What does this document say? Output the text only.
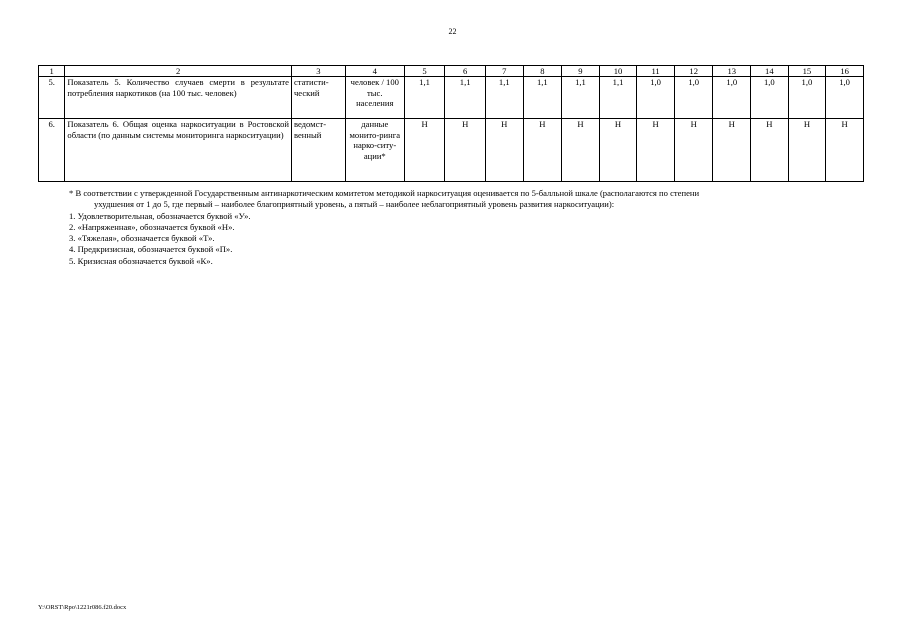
22
1	2	3	4	5	6	7	8	9	10	11	12	13	14	15	16
5.	Показатель 5. Количество случаев смерти в результате потребления наркотиков (на 100 тыс. человек)	статисти-ческий	человек / 100 тыс. населения	1,1	1,1	1,1	1,1	1,1	1,1	1,0	1,0	1,0	1,0	1,0	1,0
6.	Показатель 6. Общая оценка наркоситуации в Ростовской области (по данным системы мониторинга наркоситуации)	ведомст-венный	данные монито-ринга нарко-ситу-ации*	Н	Н	Н	Н	Н	Н	Н	Н	Н	Н	Н	Н
* В соответствии с утвержденной Государственным антинаркотическим комитетом методикой наркоситуация оценивается по 5-балльной шкале (располагаются по степени
ухудшения от 1 до 5, где первый – наиболее благоприятный уровень, а пятый – наиболее неблагоприятный уровень развития наркоситуации):
1. Удовлетворительная, обозначается буквой «У».
2. «Напряженная», обозначается буквой «Н».
3. «Тяжелая», обозначается буквой «Т».
4. Предкризисная, обозначается буквой «П».
5. Кризисная обозначается буквой «К».
Y:\ORST\Rpo\1221r086.f20.docx
